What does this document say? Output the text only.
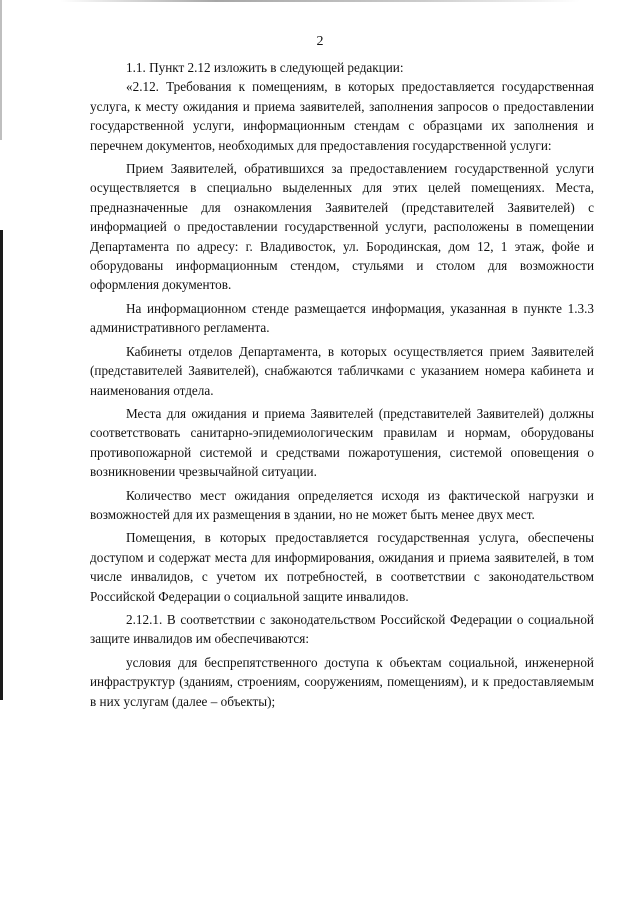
2

1.1. Пункт 2.12 изложить в следующей редакции:

«2.12. Требования к помещениям, в которых предоставляется государственная услуга, к месту ожидания и приема заявителей, заполнения запросов о предоставлении государственной услуги, информационным стендам с образцами их заполнения и перечнем документов, необходимых для предоставления государственной услуги:

Прием Заявителей, обратившихся за предоставлением государственной услуги осуществляется в специально выделенных для этих целей помещениях. Места, предназначенные для ознакомления Заявителей (представителей Заявителей) с информацией о предоставлении государственной услуги, расположены в помещении Департамента по адресу: г. Владивосток, ул. Бородинская, дом 12, 1 этаж, фойе и оборудованы информационным стендом, стульями и столом для возможности оформления документов.

На информационном стенде размещается информация, указанная в пункте 1.3.3 административного регламента.

Кабинеты отделов Департамента, в которых осуществляется прием Заявителей (представителей Заявителей), снабжаются табличками с указанием номера кабинета и наименования отдела.

Места для ожидания и приема Заявителей (представителей Заявителей) должны соответствовать санитарно-эпидемиологическим правилам и нормам, оборудованы противопожарной системой и средствами пожаротушения, системой оповещения о возникновении чрезвычайной ситуации.

Количество мест ожидания определяется исходя из фактической нагрузки и возможностей для их размещения в здании, но не может быть менее двух мест.

Помещения, в которых предоставляется государственная услуга, обеспечены доступом и содержат места для информирования, ожидания и приема заявителей, в том числе инвалидов, с учетом их потребностей, в соответствии с законодательством Российской Федерации о социальной защите инвалидов.

2.12.1. В соответствии с законодательством Российской Федерации о социальной защите инвалидов им обеспечиваются:

условия для беспрепятственного доступа к объектам социальной, инженерной инфраструктур (зданиям, строениям, сооружениям, помещениям), и к предоставляемым в них услугам (далее – объекты);
